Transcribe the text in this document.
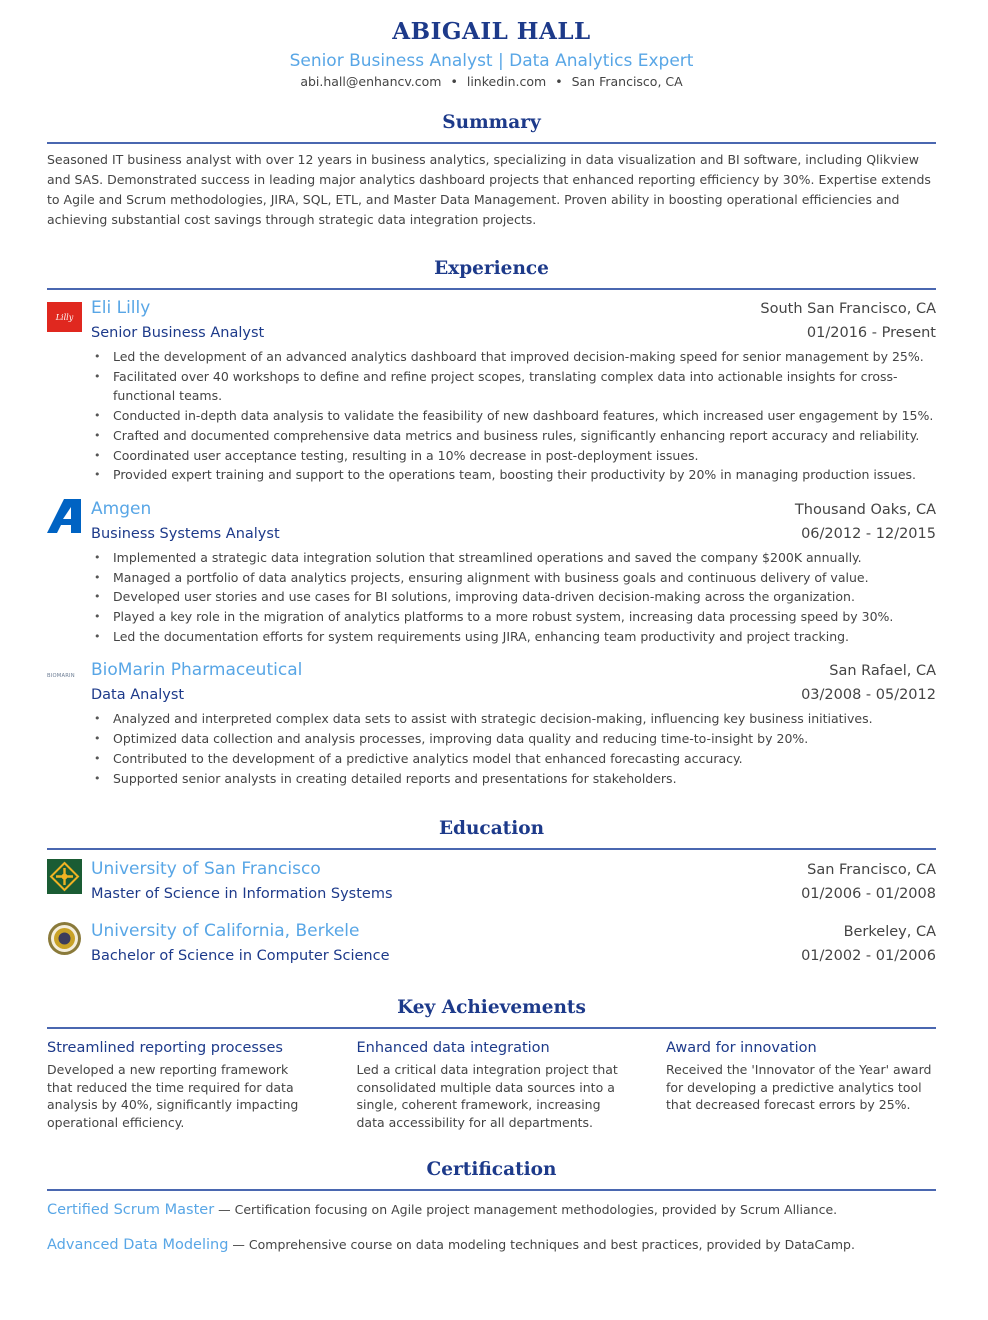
ABIGAIL HALL
Senior Business Analyst | Data Analytics Expert
abi.hall@enhancv.com • linkedin.com • San Francisco, CA
Summary
Seasoned IT business analyst with over 12 years in business analytics, specializing in data visualization and BI software, including Qlikview and SAS. Demonstrated success in leading major analytics dashboard projects that enhanced reporting efficiency by 30%. Expertise extends to Agile and Scrum methodologies, JIRA, SQL, ETL, and Master Data Management. Proven ability in boosting operational efficiencies and achieving substantial cost savings through strategic data integration projects.
Experience
Lilly Eli Lilly	South San Francisco, CA
Senior Business Analyst	01/2016 - Present
• Led the development of an advanced analytics dashboard that improved decision-making speed for senior management by 25%.
• Facilitated over 40 workshops to define and refine project scopes, translating complex data into actionable insights for cross-functional teams.
• Conducted in-depth data analysis to validate the feasibility of new dashboard features, which increased user engagement by 15%.
• Crafted and documented comprehensive data metrics and business rules, significantly enhancing report accuracy and reliability.
• Coordinated user acceptance testing, resulting in a 10% decrease in post-deployment issues.
• Provided expert training and support to the operations team, boosting their productivity by 20% in managing production issues.
Amgen	Thousand Oaks, CA
Business Systems Analyst	06/2012 - 12/2015
• Implemented a strategic data integration solution that streamlined operations and saved the company $200K annually.
• Managed a portfolio of data analytics projects, ensuring alignment with business goals and continuous delivery of value.
• Developed user stories and use cases for BI solutions, improving data-driven decision-making across the organization.
• Played a key role in the migration of analytics platforms to a more robust system, increasing data processing speed by 30%.
• Led the documentation efforts for system requirements using JIRA, enhancing team productivity and project tracking.
BIOMARIN BioMarin Pharmaceutical	San Rafael, CA
Data Analyst	03/2008 - 05/2012
• Analyzed and interpreted complex data sets to assist with strategic decision-making, influencing key business initiatives.
• Optimized data collection and analysis processes, improving data quality and reducing time-to-insight by 20%.
• Contributed to the development of a predictive analytics model that enhanced forecasting accuracy.
• Supported senior analysts in creating detailed reports and presentations for stakeholders.
Education
University of San Francisco	San Francisco, CA
Master of Science in Information Systems	01/2006 - 01/2008
University of California, Berkele	Berkeley, CA
Bachelor of Science in Computer Science	01/2002 - 01/2006
Key Achievements
Streamlined reporting processes
Developed a new reporting framework that reduced the time required for data analysis by 40%, significantly impacting operational efficiency.
Enhanced data integration
Led a critical data integration project that consolidated multiple data sources into a single, coherent framework, increasing data accessibility for all departments.
Award for innovation
Received the 'Innovator of the Year' award for developing a predictive analytics tool that decreased forecast errors by 25%.
Certification
Certified Scrum Master — Certification focusing on Agile project management methodologies, provided by Scrum Alliance.
Advanced Data Modeling — Comprehensive course on data modeling techniques and best practices, provided by DataCamp.
